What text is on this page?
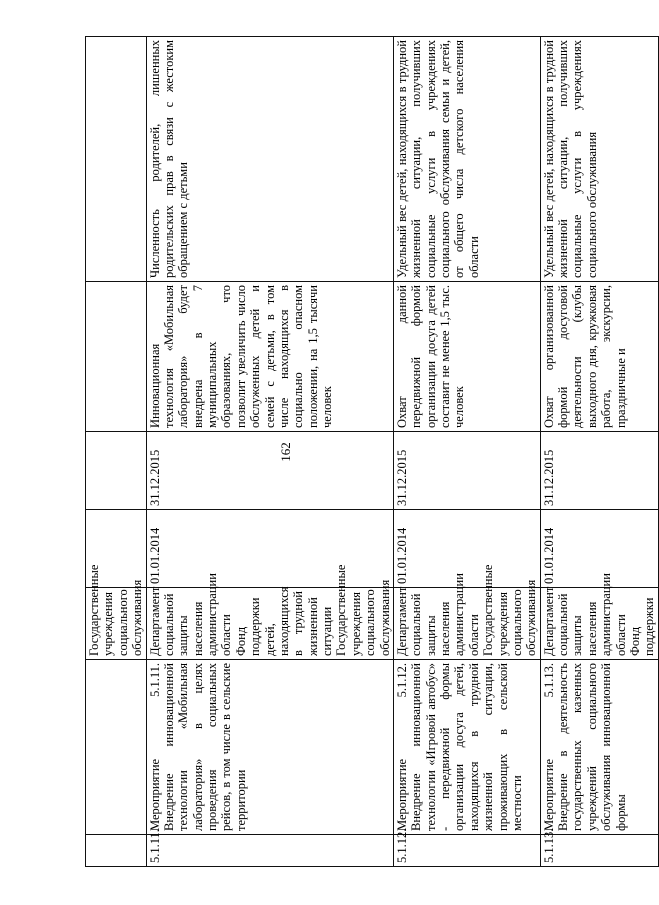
162
		Государственные учреждения социального обслуживания				
5.1.11.	Мероприятие 5.1.11. Внедрение инновационной технологии «Мобильная лаборатория» в целях проведения социальных рейсов, в том числе в сельские территории	Департамент социальной защиты населения администрации области Фонд поддержки детей, находящихся в трудной жизненной ситуации Государственные учреждения социального обслуживания	01.01.2014	31.12.2015	Инновационная технология «Мобильная лаборатория» будет внедрена в 7 муниципальных образованиях, что позволит увеличить число обслуженных детей и семей с детьми, в том числе находящихся в социально опасном положении, на 1,5 тысячи человек	Численность родителей, лишенных родительских прав в связи с жестоким обращением с детьми
5.1.12.	Мероприятие 5.1.12. Внедрение инновационной технологии «Игровой автобус» - передвижной формы организации досуга детей, находящихся в трудной жизненной ситуации, проживающих в сельской местности	Департамент социальной защиты населения администрации области Государственные учреждения социального обслуживания	01.01.2014	31.12.2015	Охват данной передвижной формой организации досуга детей составит не менее 1,5 тыс. человек	Удельный вес детей, находящихся в трудной жизненной ситуации, получивших социальные услуги в учреждениях социального обслуживания семьи и детей, от общего числа детского населения области
5.1.13.	Мероприятие 5.1.13. Внедрение в деятельность государственных казенных учреждений социального обслуживания инновационной формы	Департамент социальной защиты населения администрации области Фонд поддержки	01.01.2014	31.12.2015	Охват организованной формой досуговой деятельности (клубы выходного дня, кружковая работа, экскурсии, праздничные и	Удельный вес детей, находящихся в трудной жизненной ситуации, получивших социальные услуги в учреждениях социального обслуживания
